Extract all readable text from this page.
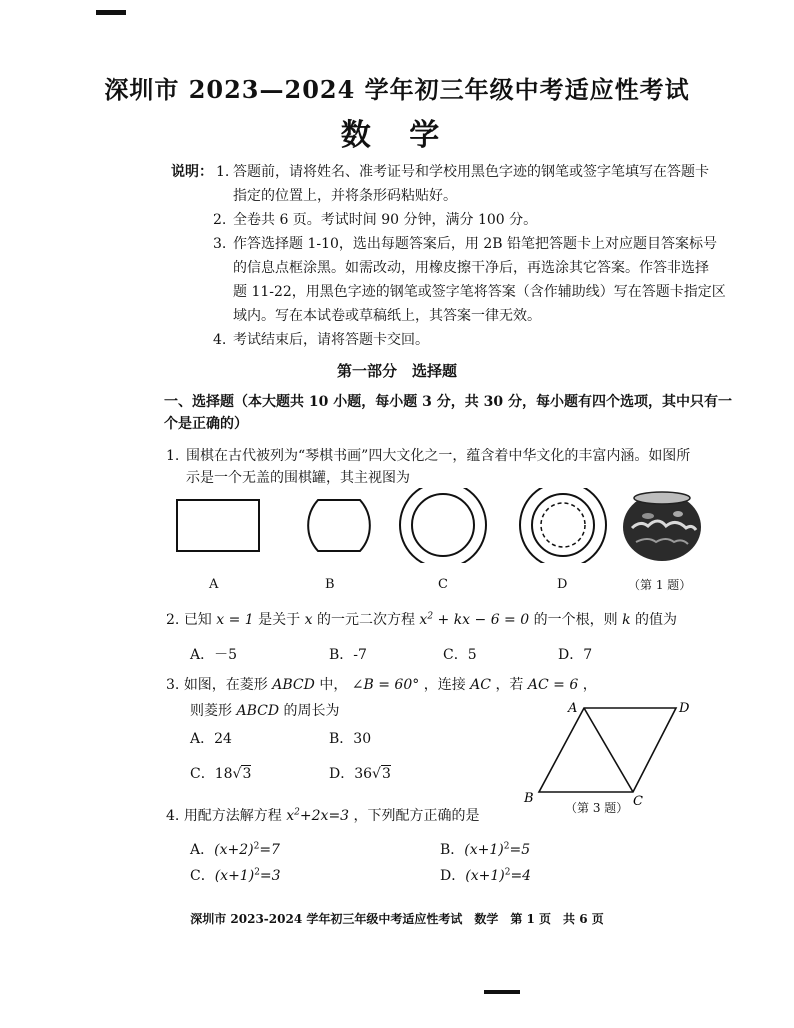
深圳市 2023—2024 学年初三年级中考适应性考试
数 学
说明： 1. 答题前，请将姓名、准考证号和学校用黑色字迹的钢笔或签字笔填写在答题卡
指定的位置上，并将条形码粘贴好。
2. 全卷共 6 页。考试时间 90 分钟，满分 100 分。
3. 作答选择题 1-10，选出每题答案后，用 2B 铅笔把答题卡上对应题目答案标号
的信息点框涂黑。如需改动，用橡皮擦干净后，再选涂其它答案。作答非选择
题 11-22，用黑色字迹的钢笔或签字笔将答案（含作辅助线）写在答题卡指定区
域内。写在本试卷或草稿纸上，其答案一律无效。
4. 考试结束后，请将答题卡交回。
第一部分　选择题
一、选择题（本大题共 10 小题，每小题 3 分，共 30 分，每小题有四个选项，其中只有一
个是正确的）
1. 围棋在古代被列为“琴棋书画”四大文化之一，蕴含着中华文化的丰富内涵。如图所
示是一个无盖的围棋罐，其主视图为
A	B	C	D	（第 1 题）
2. 已知 x = 1 是关于 x 的一元二次方程 $x^2$ + kx − 6 = 0 的一个根，则 k 的值为
A．－5	B．-7	C．5	D．7
3. 如图，在菱形 ABCD 中， ∠B = 60° ，连接 AC ，若 AC = 6 ，
则菱形 ABCD 的周长为
A．24	B．30
C．18√3	D．36√3
A	D
B	C
（第 3 题）
4. 用配方法解方程 $x^2+2x=3$ ，下列配方正确的是
A．$(x+2)^2=7$	B．$(x+1)^2=5$
C．$(x+1)^2=3$	D．$(x+1)^2=4$
深圳市 2023-2024 学年初三年级中考适应性考试　数学　第 1 页　共 6 页
